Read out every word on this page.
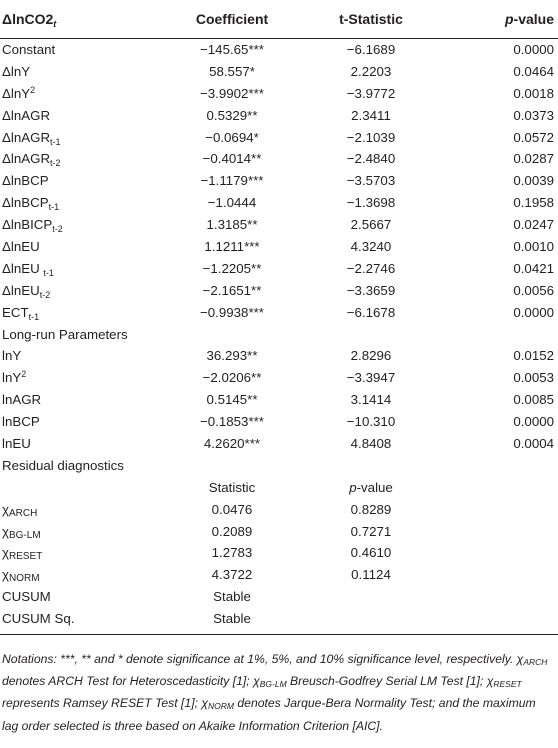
$\Delta lnCO2_t$	Coefficient	t-Statistic	p-value
Constant	−145.65***	−6.1689	0.0000
ΔlnY	58.557*	2.2203	0.0464
ΔlnY$^2$	−3.9902***	−3.9772	0.0018
ΔlnAGR	0.5329**	2.3411	0.0373
ΔlnAGR$_{t-1}$	−0.0694*	−2.1039	0.0572
ΔlnAGR$_{t-2}$	−0.4014**	−2.4840	0.0287
ΔlnBCP	−1.1179***	−3.5703	0.0039
ΔlnBCP$_{t-1}$	−1.0444	−1.3698	0.1958
ΔlnBICP$_{t-2}$	1.3185**	2.5667	0.0247
ΔlnEU	1.1211***	4.3240	0.0010
ΔlnEU $_{t-1}$	−1.2205**	−2.2746	0.0421
ΔlnEU$_{t-2}$	−2.1651**	−3.3659	0.0056
$ECT_{t-1}$	−0.9938***	−6.1678	0.0000
Long-run Parameters			
lnY	36.293**	2.8296	0.0152
lnY$^2$	−2.0206**	−3.3947	0.0053
lnAGR	0.5145**	3.1414	0.0085
lnBCP	−0.1853***	−10.310	0.0000
lnEU	4.2620***	4.8408	0.0004
Residual diagnostics			
	Statistic	p-value	
χARCH	0.0476	0.8289	
χBG-LM	0.2089	0.7271	
χRESET	1.2783	0.4610	
χNORM	4.3722	0.1124	
CUSUM	Stable		
CUSUM Sq.	Stable		
Notations: ***, ** and * denote significance at 1%, 5%, and 10% significance level, respectively. $\chi_{ARCH}$ denotes ARCH Test for Heteroscedasticity [1]; $\chi_{BG-LM}$ Breusch-Godfrey Serial LM Test [1]; $\chi_{RESET}$ represents Ramsey RESET Test [1]; $\chi_{NORM}$ denotes Jarque-Bera Normality Test; and the maximum lag order selected is three based on Akaike Information Criterion [AIC].
